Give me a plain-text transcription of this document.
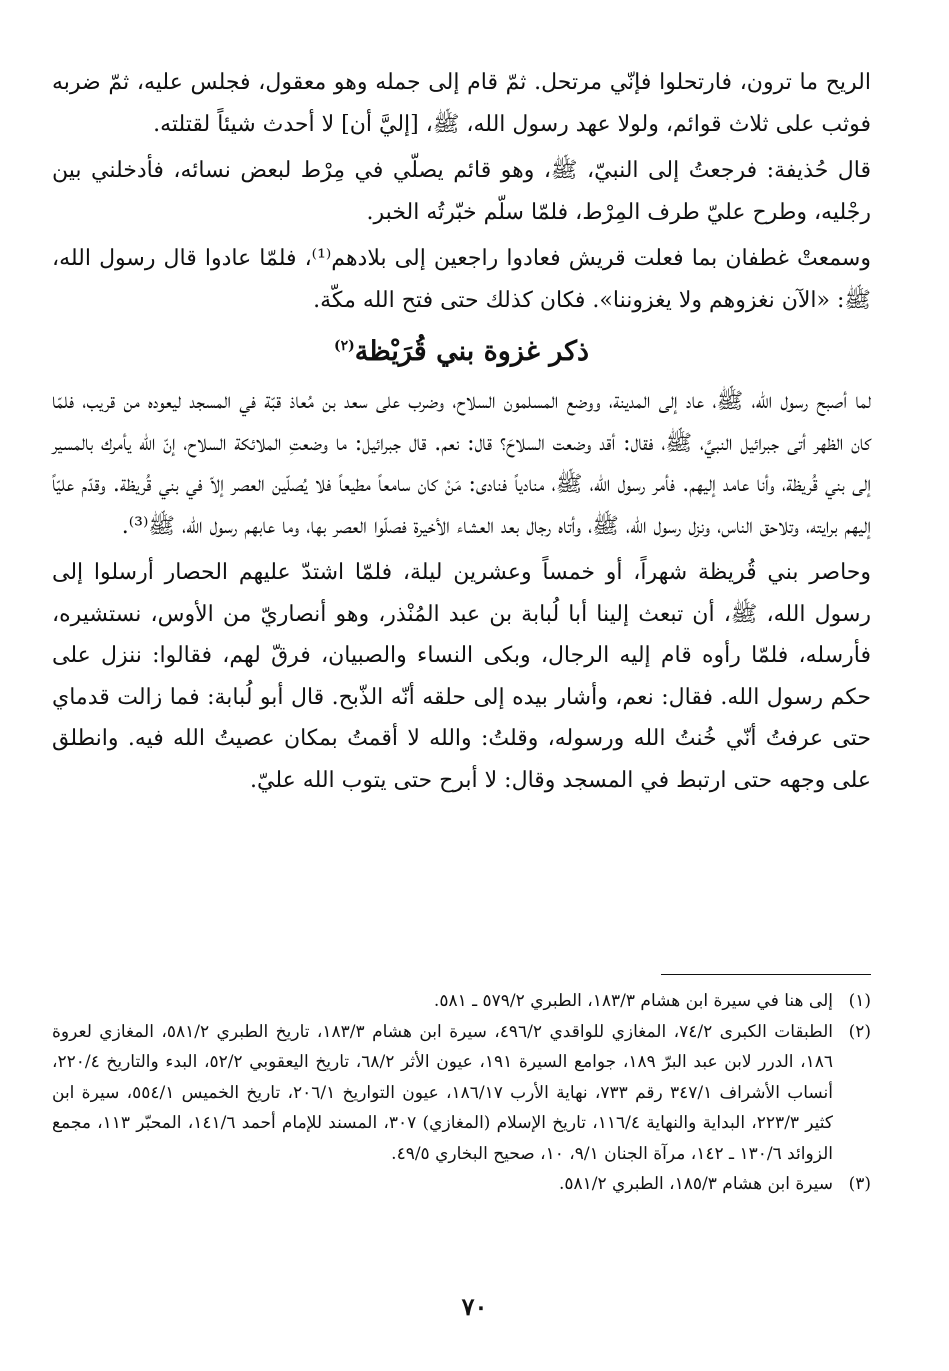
الريح ما ترون، فارتحلوا فإنّي مرتحل. ثمّ قام إلى جمله وهو معقول، فجلس عليه، ثمّ ضربه فوثب على ثلاث قوائم، ولولا عهد رسول الله، ﷺ، [إليَّ أن] لا أحدث شيئاً لقتلته.

قال حُذيفة: فرجعتُ إلى النبيّ، ﷺ، وهو قائم يصلّي في مِرْط لبعض نسائه، فأدخلني بين رجْليه، وطرح عليّ طرف المِرْط، فلمّا سلّم خبّرتُه الخبر.

وسمعتْ غطفان بما فعلت قريش فعادوا راجعين إلى بلادهم⁽¹⁾، فلمّا عادوا قال رسول الله، ﷺ: «الآن نغزوهم ولا يغزوننا». فكان كذلك حتى فتح الله مكّة.

ذكر غزوة بني قُرَيْظة$^{(٢)}$

لما أصبح رسول الله، ﷺ، عاد إلى المدينة، ووضع المسلمون السلاح، وضرب على سعد بن مُعاذ قبّة في المسجد ليعوده من قريب، فلمّا كان الظهر أتى جبرائيل النبيَّ، ﷺ، فقال: أقد وضعت السلاحَ؟ قال: نعم. قال جبرائيل: ما وضعتِ الملائكة السلاح، إنّ الله يأمرك بالمسير إلى بني قُريظة، وأنا عامد إليهم. فأمر رسول الله، ﷺ، منادياً فنادى: مَنْ كان سامعاً مطيعاً فلا يُصلّين العصر إلاّ في بني قُريظة. وقدّم عليّاً إليهم برايته، وتلاحق الناس، ونزل رسول الله، ﷺ، وأتاه رجال بعد العشاء الأخيرة فصلّوا العصر بها، وما عابهم رسول الله، ﷺ⁽³⁾.

وحاصر بني قُريظة شهراً، أو خمساً وعشرين ليلة، فلمّا اشتدّ عليهم الحصار أرسلوا إلى رسول الله، ﷺ، أن تبعث إلينا أبا لُبابة بن عبد المُنْذر، وهو أنصاريّ من الأوس، نستشيره، فأرسله، فلمّا رأوه قام إليه الرجال، وبكى النساء والصبيان، فرقّ لهم، فقالوا: ننزل على حكم رسول الله. فقال: نعم، وأشار بيده إلى حلقه أنّه الذّبح. قال أبو لُبابة: فما زالت قدماي حتى عرفتُ أنّي خُنتُ الله ورسوله، وقلتُ: والله لا أقمتُ بمكان عصيتُ الله فيه. وانطلق على وجهه حتى ارتبط في المسجد وقال: لا أبرح حتى يتوب الله عليّ.

(١)
إلى هنا في سيرة ابن هشام ١٨٣/٣، الطبري ٥٧٩/٢ ـ ٥٨١.
(٢)
الطبقات الكبرى ٧٤/٢، المغازي للواقدي ٤٩٦/٢، سيرة ابن هشام ١٨٣/٣، تاريخ الطبري ٥٨١/٢، المغازي لعروة ١٨٦، الدرر لابن عبد البرّ ١٨٩، جوامع السيرة ١٩١، عيون الأثر ٦٨/٢، تاريخ اليعقوبي ٥٢/٢، البدء والتاريخ ٢٢٠/٤، أنساب الأشراف ٣٤٧/١ رقم ٧٣٣، نهاية الأرب ١٨٦/١٧، عيون التواريخ ٢٠٦/١، تاريخ الخميس ٥٥٤/١، سيرة ابن كثير ٢٢٣/٣، البداية والنهاية ١١٦/٤، تاريخ الإسلام (المغازي) ٣٠٧، المسند للإمام أحمد ١٤١/٦، المحبّر ١١٣، مجمع الزوائد ١٣٠/٦ ـ ١٤٢، مرآة الجنان ٩/١، ١٠، صحيح البخاري ٤٩/٥.
(٣)
سيرة ابن هشام ١٨٥/٣، الطبري ٥٨١/٢.
٧٠
